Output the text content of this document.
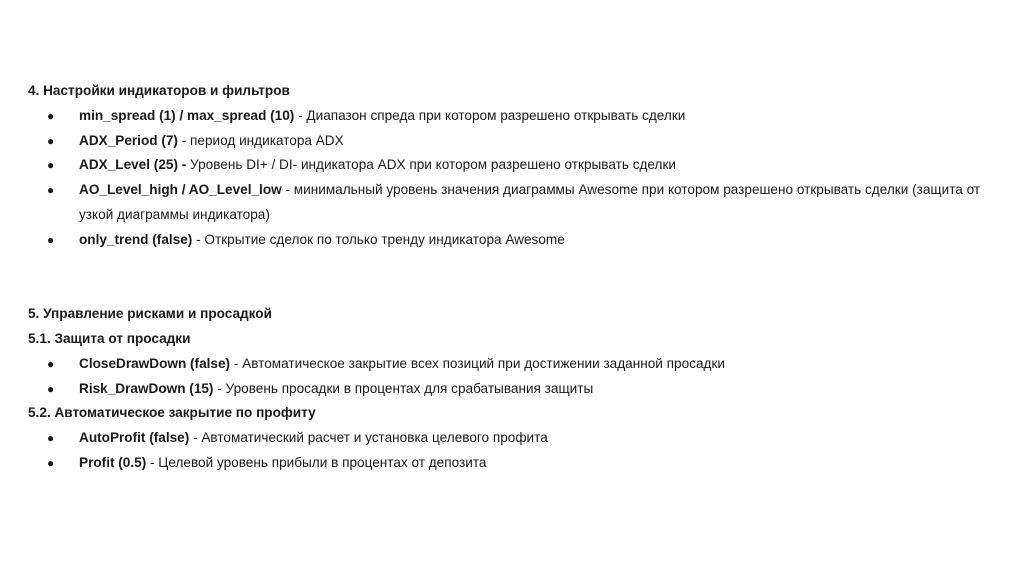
4. Настройки индикаторов и фильтров
● min_spread (1) / max_spread (10) - Диапазон спреда при котором разрешено открывать сделки
● ADX_Period (7) - период индикатора ADX
● ADX_Level (25) - Уровень DI+ / DI- индикатора ADX при котором разрешено открывать сделки
● AO_Level_high / AO_Level_low - минимальный уровень значения диаграммы Awesome при котором разрешено открывать сделки (защита от узкой диаграммы индикатора)
● only_trend (false) - Открытие сделок по только тренду индикатора Awesome
5. Управление рисками и просадкой
5.1. Защита от просадки
● CloseDrawDown (false) - Автоматическое закрытие всех позиций при достижении заданной просадки
● Risk_DrawDown (15) - Уровень просадки в процентах для срабатывания защиты
5.2. Автоматическое закрытие по профиту
● AutoProfit (false) - Автоматический расчет и установка целевого профита
● Profit (0.5) - Целевой уровень прибыли в процентах от депозита
